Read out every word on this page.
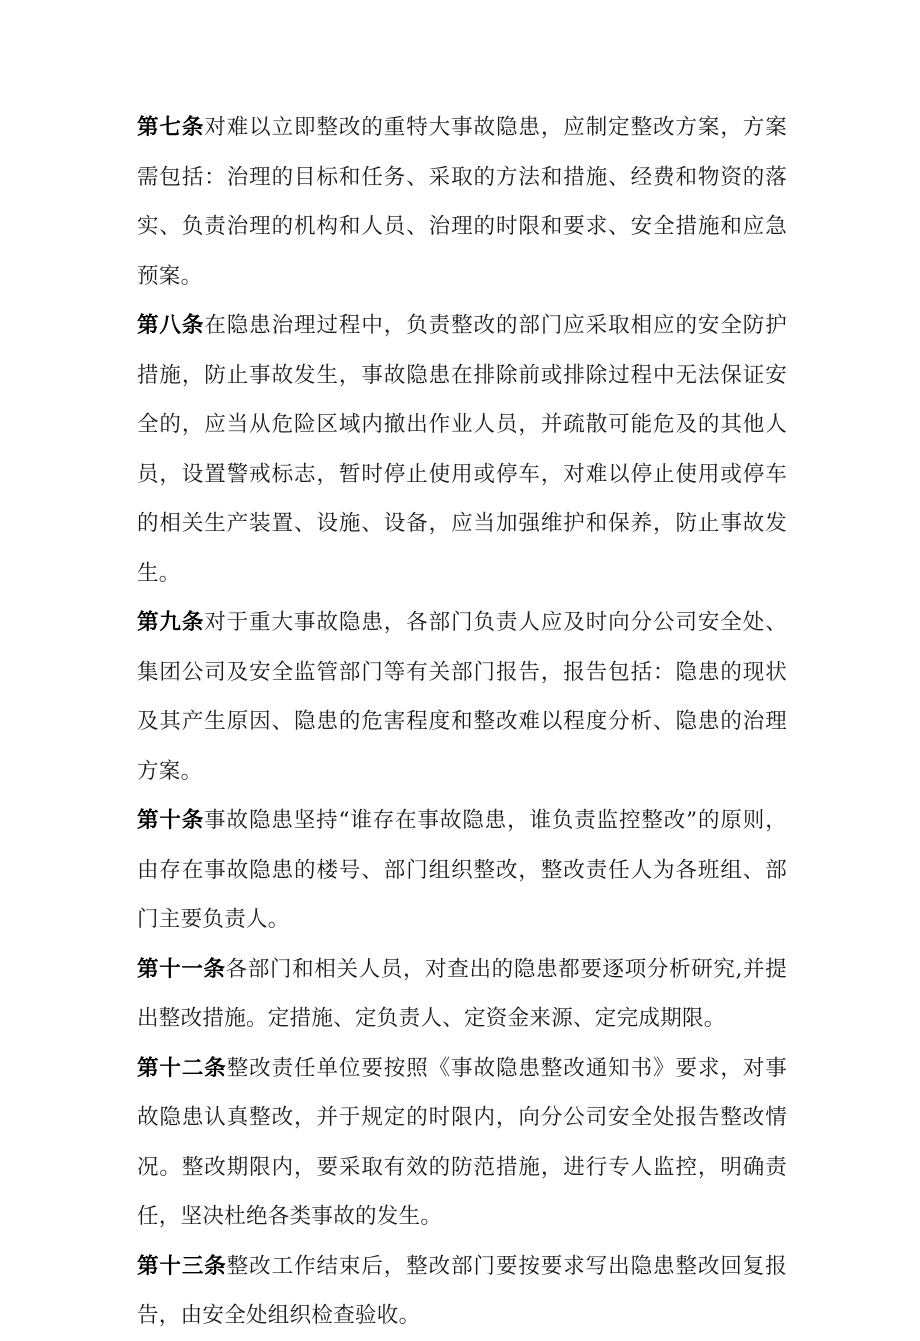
第七条对难以立即整改的重特大事故隐患，应制定整改方案，方案需包括：治理的目标和任务、采取的方法和措施、经费和物资的落实、负责治理的机构和人员、治理的时限和要求、安全措施和应急预案。

第八条在隐患治理过程中，负责整改的部门应采取相应的安全防护措施，防止事故发生，事故隐患在排除前或排除过程中无法保证安全的，应当从危险区域内撤出作业人员，并疏散可能危及的其他人员，设置警戒标志，暂时停止使用或停车，对难以停止使用或停车的相关生产装置、设施、设备，应当加强维护和保养，防止事故发生。

第九条对于重大事故隐患，各部门负责人应及时向分公司安全处、集团公司及安全监管部门等有关部门报告，报告包括：隐患的现状及其产生原因、隐患的危害程度和整改难以程度分析、隐患的治理方案。

第十条事故隐患坚持“谁存在事故隐患，谁负责监控整改”的原则，由存在事故隐患的楼号、部门组织整改，整改责任人为各班组、部门主要负责人。

第十一条各部门和相关人员，对查出的隐患都要逐项分析研究,并提出整改措施。定措施、定负责人、定资金来源、定完成期限。

第十二条整改责任单位要按照《事故隐患整改通知书》要求，对事故隐患认真整改，并于规定的时限内，向分公司安全处报告整改情况。整改期限内，要采取有效的防范措施，进行专人监控，明确责任，坚决杜绝各类事故的发生。

第十三条整改工作结束后，整改部门要按要求写出隐患整改回复报告，由安全处组织检查验收。
